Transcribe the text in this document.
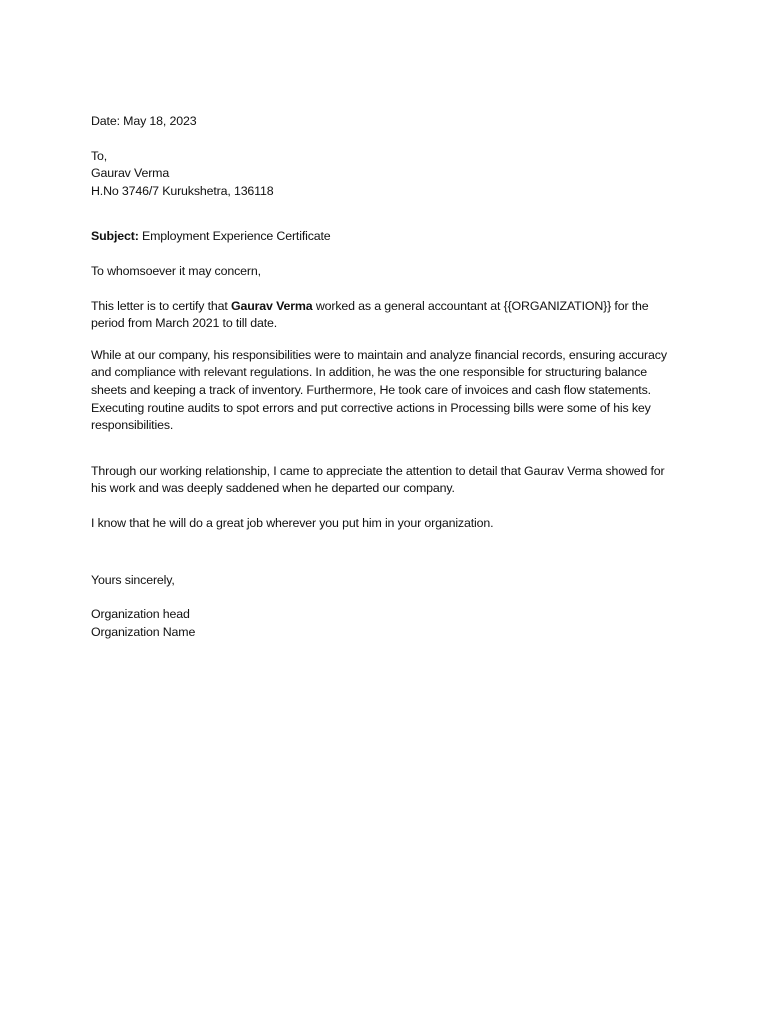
Date: May 18, 2023

To,

Gaurav Verma

H.No 3746/7 Kurukshetra, 136118

Subject: Employment Experience Certificate

To whomsoever it may concern,

This letter is to certify that Gaurav Verma worked as a general accountant at {{ORGANIZATION}} for the period from March 2021 to till date.

While at our company, his responsibilities were to maintain and analyze financial records, ensuring accuracy and compliance with relevant regulations. In addition, he was the one responsible for structuring balance sheets and keeping a track of inventory. Furthermore, He took care of invoices and cash flow statements. Executing routine audits to spot errors and put corrective actions in Processing bills were some of his key responsibilities.

Through our working relationship, I came to appreciate the attention to detail that Gaurav Verma showed for his work and was deeply saddened when he departed our company.

I know that he will do a great job wherever you put him in your organization.

Yours sincerely,

Organization head

Organization Name
